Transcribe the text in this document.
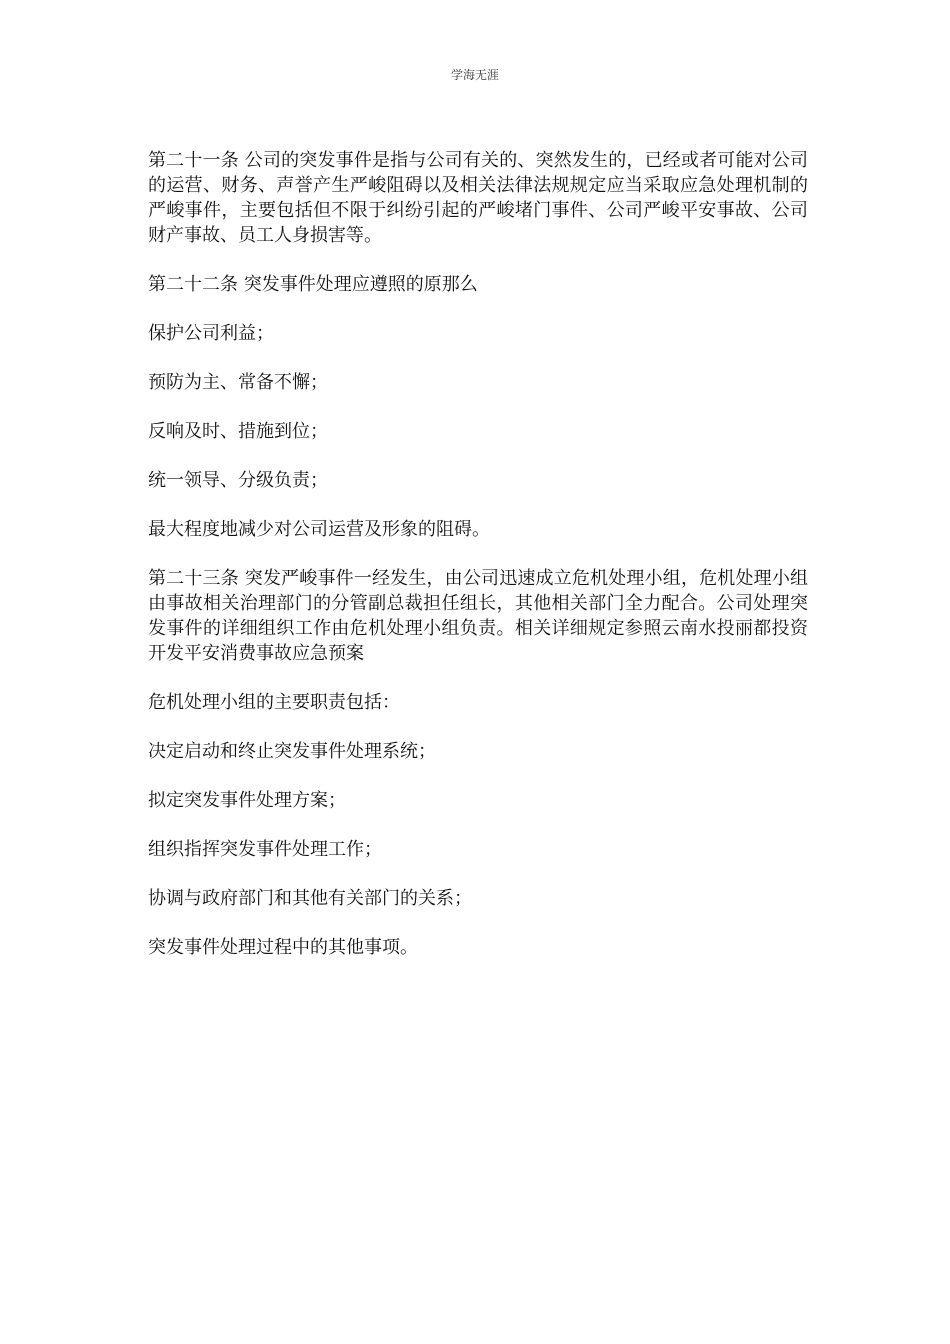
学海无涯

第二十一条 公司的突发事件是指与公司有关的、突然发生的，已经或者可能对公司的运营、财务、声誉产生严峻阻碍以及相关法律法规规定应当采取应急处理机制的严峻事件，主要包括但不限于纠纷引起的严峻堵门事件、公司严峻平安事故、公司财产事故、员工人身损害等。

第二十二条 突发事件处理应遵照的原那么

保护公司利益；

预防为主、常备不懈；

反响及时、措施到位；

统一领导、分级负责；

最大程度地减少对公司运营及形象的阻碍。

第二十三条 突发严峻事件一经发生，由公司迅速成立危机处理小组，危机处理小组由事故相关治理部门的分管副总裁担任组长，其他相关部门全力配合。公司处理突发事件的详细组织工作由危机处理小组负责。相关详细规定参照云南水投丽都投资开发平安消费事故应急预案

危机处理小组的主要职责包括：

决定启动和终止突发事件处理系统；

拟定突发事件处理方案；

组织指挥突发事件处理工作；

协调与政府部门和其他有关部门的关系；

突发事件处理过程中的其他事项。
